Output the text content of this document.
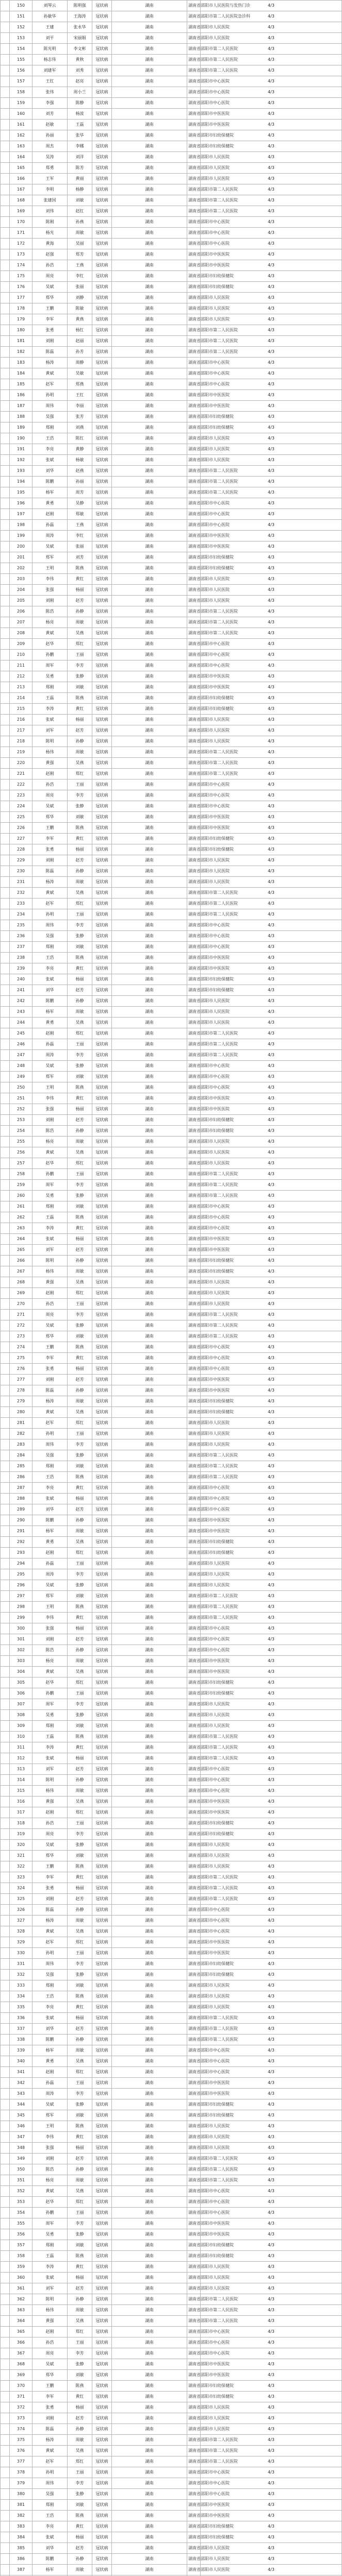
	150	刘琴云	陈明强	冠状病	湖南	湖南省邵阳市人民医院与发热门诊	4/3
	151	孙敏华	王海涛	冠状病	湖南	湖南省邵阳市第二人民医院急诊科	4/3
	152	王建	张永华	冠状病	湖南	湖南省邵阳市人民医院	4/3
	153	刘平	宋丽娟	冠状病	湖南	湖南省邵阳市人民医院	4/3
	154	陈光明	李文彬	冠状病	湖南	湖南省邵阳市第二人民医院	4/3
	155	杨志伟	黄秋	冠状病	湖南	湖南省邵阳市第二人民医院	4/3
	156	刘建军	刘秀	冠状病	湖南	湖南省邵阳市第二人民医院	4/3
	157	王红	赵亮	冠状病	湖南	湖南省邵阳市中心医院	4/3
	158	张伟	周小兰	冠状病	湖南	湖南省邵阳市中心医院	4/3
	159	李强	陈静	冠状病	湖南	湖南省邵阳市中心医院	4/3
	160	刘芳	杨波	冠状病	湖南	湖南省邵阳市中医医院	4/3
	161	赵敏	王磊	冠状病	湖南	湖南省邵阳市中医医院	4/3
	162	孙丽	张华	冠状病	湖南	湖南省邵阳市妇幼保健院	4/3
	163	周杰	李娜	冠状病	湖南	湖南省邵阳市妇幼保健院	4/3
	164	吴涛	刘洋	冠状病	湖南	湖南省邵阳市人民医院	4/3
	165	郑勇	陈芳	冠状病	湖南	湖南省邵阳市人民医院	4/3
	166	王军	黄丽	冠状病	湖南	湖南省邵阳市人民医院	4/3
	167	李明	杨静	冠状病	湖南	湖南省邵阳市第二人民医院	4/3
	168	张建国	刘敏	冠状病	湖南	湖南省邵阳市第二人民医院	4/3
	169	刘伟	赵红	冠状病	湖南	湖南省邵阳市第二人民医院	4/3
	170	陈刚	孙燕	冠状病	湖南	湖南省邵阳市中心医院	4/3
	171	杨光	周敏	冠状病	湖南	湖南省邵阳市中心医院	4/3
	172	黄海	吴丽	冠状病	湖南	湖南省邵阳市中心医院	4/3
	173	赵强	郑芳	冠状病	湖南	湖南省邵阳市中医医院	4/3
	174	孙浩	王燕	冠状病	湖南	湖南省邵阳市中医医院	4/3
	175	周亮	李红	冠状病	湖南	湖南省邵阳市妇幼保健院	4/3
	176	吴斌	张丽	冠状病	湖南	湖南省邵阳市妇幼保健院	4/3
	177	郑华	刘静	冠状病	湖南	湖南省邵阳市人民医院	4/3
	178	王鹏	陈敏	冠状病	湖南	湖南省邵阳市人民医院	4/3
	179	李军	黄燕	冠状病	湖南	湖南省邵阳市人民医院	4/3
	180	张勇	杨红	冠状病	湖南	湖南省邵阳市第二人民医院	4/3
	181	刘刚	赵丽	冠状病	湖南	湖南省邵阳市第二人民医院	4/3
	182	陈磊	孙芳	冠状病	湖南	湖南省邵阳市第二人民医院	4/3
	183	杨涛	周静	冠状病	湖南	湖南省邵阳市中心医院	4/3
	184	黄斌	吴敏	冠状病	湖南	湖南省邵阳市中心医院	4/3
	185	赵军	郑燕	冠状病	湖南	湖南省邵阳市中心医院	4/3
	186	孙明	王红	冠状病	湖南	湖南省邵阳市中医医院	4/3
	187	周伟	李丽	冠状病	湖南	湖南省邵阳市中医医院	4/3
	188	吴强	张芳	冠状病	湖南	湖南省邵阳市妇幼保健院	4/3
	189	郑刚	刘燕	冠状病	湖南	湖南省邵阳市妇幼保健院	4/3
	190	王浩	陈红	冠状病	湖南	湖南省邵阳市人民医院	4/3
	191	李亮	黄静	冠状病	湖南	湖南省邵阳市人民医院	4/3
	192	张斌	杨敏	冠状病	湖南	湖南省邵阳市人民医院	4/3
	193	刘华	赵燕	冠状病	湖南	湖南省邵阳市第二人民医院	4/3
	194	陈鹏	孙丽	冠状病	湖南	湖南省邵阳市第二人民医院	4/3
	195	杨军	周芳	冠状病	湖南	湖南省邵阳市第二人民医院	4/3
	196	黄勇	吴静	冠状病	湖南	湖南省邵阳市中心医院	4/3
	197	赵刚	郑敏	冠状病	湖南	湖南省邵阳市中心医院	4/3
	198	孙磊	王燕	冠状病	湖南	湖南省邵阳市中心医院	4/3
	199	周涛	李红	冠状病	湖南	湖南省邵阳市中医医院	4/3
	200	吴斌	张丽	冠状病	湖南	湖南省邵阳市中医医院	4/3
	201	郑军	刘芳	冠状病	湖南	湖南省邵阳市妇幼保健院	4/3
	202	王明	陈燕	冠状病	湖南	湖南省邵阳市妇幼保健院	4/3
	203	李伟	黄红	冠状病	湖南	湖南省邵阳市人民医院	4/3
	204	张强	杨丽	冠状病	湖南	湖南省邵阳市人民医院	4/3
	205	刘刚	赵芳	冠状病	湖南	湖南省邵阳市人民医院	4/3
	206	陈浩	孙静	冠状病	湖南	湖南省邵阳市第二人民医院	4/3
	207	杨亮	周敏	冠状病	湖南	湖南省邵阳市第二人民医院	4/3
	208	黄斌	吴燕	冠状病	湖南	湖南省邵阳市第二人民医院	4/3
	209	赵华	郑红	冠状病	湖南	湖南省邵阳市中心医院	4/3
	210	孙鹏	王丽	冠状病	湖南	湖南省邵阳市中心医院	4/3
	211	周军	李芳	冠状病	湖南	湖南省邵阳市中心医院	4/3
	212	吴勇	张静	冠状病	湖南	湖南省邵阳市中医医院	4/3
	213	郑刚	刘敏	冠状病	湖南	湖南省邵阳市中医医院	4/3
	214	王磊	陈燕	冠状病	湖南	湖南省邵阳市妇幼保健院	4/3
	215	李涛	黄红	冠状病	湖南	湖南省邵阳市妇幼保健院	4/3
	216	张斌	杨丽	冠状病	湖南	湖南省邵阳市人民医院	4/3
	217	刘军	赵芳	冠状病	湖南	湖南省邵阳市人民医院	4/3
	218	陈明	孙静	冠状病	湖南	湖南省邵阳市人民医院	4/3
	219	杨伟	周敏	冠状病	湖南	湖南省邵阳市第二人民医院	4/3
	220	黄强	吴燕	冠状病	湖南	湖南省邵阳市第二人民医院	4/3
	221	赵刚	郑红	冠状病	湖南	湖南省邵阳市第二人民医院	4/3
	222	孙浩	王丽	冠状病	湖南	湖南省邵阳市中心医院	4/3
	223	周亮	李芳	冠状病	湖南	湖南省邵阳市中心医院	4/3
	224	吴斌	张静	冠状病	湖南	湖南省邵阳市中心医院	4/3
	225	郑华	刘敏	冠状病	湖南	湖南省邵阳市中医医院	4/3
	226	王鹏	陈燕	冠状病	湖南	湖南省邵阳市中医医院	4/3
	227	李军	黄红	冠状病	湖南	湖南省邵阳市妇幼保健院	4/3
	228	张勇	杨丽	冠状病	湖南	湖南省邵阳市妇幼保健院	4/3
	229	刘刚	赵芳	冠状病	湖南	湖南省邵阳市人民医院	4/3
	230	陈磊	孙静	冠状病	湖南	湖南省邵阳市人民医院	4/3
	231	杨涛	周敏	冠状病	湖南	湖南省邵阳市人民医院	4/3
	232	黄斌	吴燕	冠状病	湖南	湖南省邵阳市第二人民医院	4/3
	233	赵军	郑红	冠状病	湖南	湖南省邵阳市第二人民医院	4/3
	234	孙明	王丽	冠状病	湖南	湖南省邵阳市第二人民医院	4/3
	235	周伟	李芳	冠状病	湖南	湖南省邵阳市中心医院	4/3
	236	吴强	张静	冠状病	湖南	湖南省邵阳市中心医院	4/3
	237	郑刚	刘敏	冠状病	湖南	湖南省邵阳市中心医院	4/3
	238	王浩	陈燕	冠状病	湖南	湖南省邵阳市中医医院	4/3
	239	李亮	黄红	冠状病	湖南	湖南省邵阳市中医医院	4/3
	240	张斌	杨丽	冠状病	湖南	湖南省邵阳市妇幼保健院	4/3
	241	刘华	赵芳	冠状病	湖南	湖南省邵阳市妇幼保健院	4/3
	242	陈鹏	孙静	冠状病	湖南	湖南省邵阳市人民医院	4/3
	243	杨军	周敏	冠状病	湖南	湖南省邵阳市人民医院	4/3
	244	黄勇	吴燕	冠状病	湖南	湖南省邵阳市人民医院	4/3
	245	赵刚	郑红	冠状病	湖南	湖南省邵阳市第二人民医院	4/3
	246	孙磊	王丽	冠状病	湖南	湖南省邵阳市第二人民医院	4/3
	247	周涛	李芳	冠状病	湖南	湖南省邵阳市第二人民医院	4/3
	248	吴斌	张静	冠状病	湖南	湖南省邵阳市中心医院	4/3
	249	郑军	刘敏	冠状病	湖南	湖南省邵阳市中心医院	4/3
	250	王明	陈燕	冠状病	湖南	湖南省邵阳市中心医院	4/3
	251	李伟	黄红	冠状病	湖南	湖南省邵阳市中医医院	4/3
	252	张强	杨丽	冠状病	湖南	湖南省邵阳市中医医院	4/3
	253	刘刚	赵芳	冠状病	湖南	湖南省邵阳市妇幼保健院	4/3
	254	陈浩	孙静	冠状病	湖南	湖南省邵阳市妇幼保健院	4/3
	255	杨亮	周敏	冠状病	湖南	湖南省邵阳市人民医院	4/3
	256	黄斌	吴燕	冠状病	湖南	湖南省邵阳市人民医院	4/3
	257	赵华	郑红	冠状病	湖南	湖南省邵阳市人民医院	4/3
	258	孙鹏	王丽	冠状病	湖南	湖南省邵阳市第二人民医院	4/3
	259	周军	李芳	冠状病	湖南	湖南省邵阳市第二人民医院	4/3
	260	吴勇	张静	冠状病	湖南	湖南省邵阳市第二人民医院	4/3
	261	郑刚	刘敏	冠状病	湖南	湖南省邵阳市中心医院	4/3
	262	王磊	陈燕	冠状病	湖南	湖南省邵阳市中心医院	4/3
	263	李涛	黄红	冠状病	湖南	湖南省邵阳市中心医院	4/3
	264	张斌	杨丽	冠状病	湖南	湖南省邵阳市中医医院	4/3
	265	刘军	赵芳	冠状病	湖南	湖南省邵阳市中医医院	4/3
	266	陈明	孙静	冠状病	湖南	湖南省邵阳市妇幼保健院	4/3
	267	杨伟	周敏	冠状病	湖南	湖南省邵阳市妇幼保健院	4/3
	268	黄强	吴燕	冠状病	湖南	湖南省邵阳市人民医院	4/3
	269	赵刚	郑红	冠状病	湖南	湖南省邵阳市人民医院	4/3
	270	孙浩	王丽	冠状病	湖南	湖南省邵阳市人民医院	4/3
	271	周亮	李芳	冠状病	湖南	湖南省邵阳市第二人民医院	4/3
	272	吴斌	张静	冠状病	湖南	湖南省邵阳市第二人民医院	4/3
	273	郑华	刘敏	冠状病	湖南	湖南省邵阳市第二人民医院	4/3
	274	王鹏	陈燕	冠状病	湖南	湖南省邵阳市中心医院	4/3
	275	李军	黄红	冠状病	湖南	湖南省邵阳市中心医院	4/3
	276	张勇	杨丽	冠状病	湖南	湖南省邵阳市中心医院	4/3
	277	刘刚	赵芳	冠状病	湖南	湖南省邵阳市中医医院	4/3
	278	陈磊	孙静	冠状病	湖南	湖南省邵阳市中医医院	4/3
	279	杨涛	周敏	冠状病	湖南	湖南省邵阳市妇幼保健院	4/3
	280	黄斌	吴燕	冠状病	湖南	湖南省邵阳市妇幼保健院	4/3
	281	赵军	郑红	冠状病	湖南	湖南省邵阳市人民医院	4/3
	282	孙明	王丽	冠状病	湖南	湖南省邵阳市人民医院	4/3
	283	周伟	李芳	冠状病	湖南	湖南省邵阳市人民医院	4/3
	284	吴强	张静	冠状病	湖南	湖南省邵阳市第二人民医院	4/3
	285	郑刚	刘敏	冠状病	湖南	湖南省邵阳市第二人民医院	4/3
	286	王浩	陈燕	冠状病	湖南	湖南省邵阳市第二人民医院	4/3
	287	李亮	黄红	冠状病	湖南	湖南省邵阳市中心医院	4/3
	288	张斌	杨丽	冠状病	湖南	湖南省邵阳市中心医院	4/3
	289	刘华	赵芳	冠状病	湖南	湖南省邵阳市中心医院	4/3
	290	陈鹏	孙静	冠状病	湖南	湖南省邵阳市中医医院	4/3
	291	杨军	周敏	冠状病	湖南	湖南省邵阳市中医医院	4/3
	292	黄勇	吴燕	冠状病	湖南	湖南省邵阳市妇幼保健院	4/3
	293	赵刚	郑红	冠状病	湖南	湖南省邵阳市妇幼保健院	4/3
	294	孙磊	王丽	冠状病	湖南	湖南省邵阳市人民医院	4/3
	295	周涛	李芳	冠状病	湖南	湖南省邵阳市人民医院	4/3
	296	吴斌	张静	冠状病	湖南	湖南省邵阳市人民医院	4/3
	297	郑军	刘敏	冠状病	湖南	湖南省邵阳市第二人民医院	4/3
	298	王明	陈燕	冠状病	湖南	湖南省邵阳市第二人民医院	4/3
	299	李伟	黄红	冠状病	湖南	湖南省邵阳市第二人民医院	4/3
	300	张强	杨丽	冠状病	湖南	湖南省邵阳市中心医院	4/3
	301	刘刚	赵芳	冠状病	湖南	湖南省邵阳市中心医院	4/3
	302	陈浩	孙静	冠状病	湖南	湖南省邵阳市中心医院	4/3
	303	杨亮	周敏	冠状病	湖南	湖南省邵阳市中医医院	4/3
	304	黄斌	吴燕	冠状病	湖南	湖南省邵阳市中医医院	4/3
	305	赵华	郑红	冠状病	湖南	湖南省邵阳市妇幼保健院	4/3
	306	孙鹏	王丽	冠状病	湖南	湖南省邵阳市妇幼保健院	4/3
	307	周军	李芳	冠状病	湖南	湖南省邵阳市人民医院	4/3
	308	吴勇	张静	冠状病	湖南	湖南省邵阳市人民医院	4/3
	309	郑刚	刘敏	冠状病	湖南	湖南省邵阳市人民医院	4/3
	310	王磊	陈燕	冠状病	湖南	湖南省邵阳市第二人民医院	4/3
	311	李涛	黄红	冠状病	湖南	湖南省邵阳市第二人民医院	4/3
	312	张斌	杨丽	冠状病	湖南	湖南省邵阳市第二人民医院	4/3
	313	刘军	赵芳	冠状病	湖南	湖南省邵阳市中心医院	4/3
	314	陈明	孙静	冠状病	湖南	湖南省邵阳市中心医院	4/3
	315	杨伟	周敏	冠状病	湖南	湖南省邵阳市中心医院	4/3
	316	黄强	吴燕	冠状病	湖南	湖南省邵阳市中医医院	4/3
	317	赵刚	郑红	冠状病	湖南	湖南省邵阳市中医医院	4/3
	318	孙浩	王丽	冠状病	湖南	湖南省邵阳市妇幼保健院	4/3
	319	周亮	李芳	冠状病	湖南	湖南省邵阳市妇幼保健院	4/3
	320	吴斌	张静	冠状病	湖南	湖南省邵阳市人民医院	4/3
	321	郑华	刘敏	冠状病	湖南	湖南省邵阳市人民医院	4/3
	322	王鹏	陈燕	冠状病	湖南	湖南省邵阳市人民医院	4/3
	323	李军	黄红	冠状病	湖南	湖南省邵阳市第二人民医院	4/3
	324	张勇	杨丽	冠状病	湖南	湖南省邵阳市第二人民医院	4/3
	325	刘刚	赵芳	冠状病	湖南	湖南省邵阳市第二人民医院	4/3
	326	陈磊	孙静	冠状病	湖南	湖南省邵阳市中心医院	4/3
	327	杨涛	周敏	冠状病	湖南	湖南省邵阳市中心医院	4/3
	328	黄斌	吴燕	冠状病	湖南	湖南省邵阳市中心医院	4/3
	329	赵军	郑红	冠状病	湖南	湖南省邵阳市中医医院	4/3
	330	孙明	王丽	冠状病	湖南	湖南省邵阳市中医医院	4/3
	331	周伟	李芳	冠状病	湖南	湖南省邵阳市妇幼保健院	4/3
	332	吴强	张静	冠状病	湖南	湖南省邵阳市妇幼保健院	4/3
	333	郑刚	刘敏	冠状病	湖南	湖南省邵阳市人民医院	4/3
	334	王浩	陈燕	冠状病	湖南	湖南省邵阳市人民医院	4/3
	335	李亮	黄红	冠状病	湖南	湖南省邵阳市人民医院	4/3
	336	张斌	杨丽	冠状病	湖南	湖南省邵阳市第二人民医院	4/3
	337	刘华	赵芳	冠状病	湖南	湖南省邵阳市第二人民医院	4/3
	338	陈鹏	孙静	冠状病	湖南	湖南省邵阳市第二人民医院	4/3
	339	杨军	周敏	冠状病	湖南	湖南省邵阳市中心医院	4/3
	340	黄勇	吴燕	冠状病	湖南	湖南省邵阳市中心医院	4/3
	341	赵刚	郑红	冠状病	湖南	湖南省邵阳市中心医院	4/3
	342	孙磊	王丽	冠状病	湖南	湖南省邵阳市中医医院	4/3
	343	周涛	李芳	冠状病	湖南	湖南省邵阳市中医医院	4/3
	344	吴斌	张静	冠状病	湖南	湖南省邵阳市妇幼保健院	4/3
	345	郑军	刘敏	冠状病	湖南	湖南省邵阳市妇幼保健院	4/3
	346	王明	陈燕	冠状病	湖南	湖南省邵阳市人民医院	4/3
	347	李伟	黄红	冠状病	湖南	湖南省邵阳市人民医院	4/3
	348	张强	杨丽	冠状病	湖南	湖南省邵阳市人民医院	4/3
	349	刘刚	赵芳	冠状病	湖南	湖南省邵阳市第二人民医院	4/3
	350	陈浩	孙静	冠状病	湖南	湖南省邵阳市第二人民医院	4/3
	351	杨亮	周敏	冠状病	湖南	湖南省邵阳市第二人民医院	4/3
	352	黄斌	吴燕	冠状病	湖南	湖南省邵阳市中心医院	4/3
	353	赵华	郑红	冠状病	湖南	湖南省邵阳市中心医院	4/3
	354	孙鹏	王丽	冠状病	湖南	湖南省邵阳市中心医院	4/3
	355	周军	李芳	冠状病	湖南	湖南省邵阳市中医医院	4/3
	356	吴勇	张静	冠状病	湖南	湖南省邵阳市中医医院	4/3
	357	郑刚	刘敏	冠状病	湖南	湖南省邵阳市妇幼保健院	4/3
	358	王磊	陈燕	冠状病	湖南	湖南省邵阳市妇幼保健院	4/3
	359	李涛	黄红	冠状病	湖南	湖南省邵阳市人民医院	4/3
	360	张斌	杨丽	冠状病	湖南	湖南省邵阳市人民医院	4/3
	361	刘军	赵芳	冠状病	湖南	湖南省邵阳市人民医院	4/3
	362	陈明	孙静	冠状病	湖南	湖南省邵阳市第二人民医院	4/3
	363	杨伟	周敏	冠状病	湖南	湖南省邵阳市第二人民医院	4/3
	364	黄强	吴燕	冠状病	湖南	湖南省邵阳市第二人民医院	4/3
	365	赵刚	郑红	冠状病	湖南	湖南省邵阳市中心医院	4/3
	366	孙浩	王丽	冠状病	湖南	湖南省邵阳市中心医院	4/3
	367	周亮	李芳	冠状病	湖南	湖南省邵阳市中心医院	4/3
	368	吴斌	张静	冠状病	湖南	湖南省邵阳市中医医院	4/3
	369	郑华	刘敏	冠状病	湖南	湖南省邵阳市中医医院	4/3
	370	王鹏	陈燕	冠状病	湖南	湖南省邵阳市妇幼保健院	4/3
	371	李军	黄红	冠状病	湖南	湖南省邵阳市妇幼保健院	4/3
	372	张勇	杨丽	冠状病	湖南	湖南省邵阳市人民医院	4/3
	373	刘刚	赵芳	冠状病	湖南	湖南省邵阳市人民医院	4/3
	374	陈磊	孙静	冠状病	湖南	湖南省邵阳市人民医院	4/3
	375	杨涛	周敏	冠状病	湖南	湖南省邵阳市第二人民医院	4/3
	376	黄斌	吴燕	冠状病	湖南	湖南省邵阳市第二人民医院	4/3
	377	赵军	郑红	冠状病	湖南	湖南省邵阳市第二人民医院	4/3
	378	孙明	王丽	冠状病	湖南	湖南省邵阳市中心医院	4/3
	379	周伟	李芳	冠状病	湖南	湖南省邵阳市中心医院	4/3
	380	吴强	张静	冠状病	湖南	湖南省邵阳市中心医院	4/3
	381	郑刚	刘敏	冠状病	湖南	湖南省邵阳市中医医院	4/3
	382	王浩	陈燕	冠状病	湖南	湖南省邵阳市中医医院	4/3
	383	李亮	黄红	冠状病	湖南	湖南省邵阳市妇幼保健院	4/3
	384	张斌	杨丽	冠状病	湖南	湖南省邵阳市妇幼保健院	4/3
	385	刘华	赵芳	冠状病	湖南	湖南省邵阳市人民医院	4/3
	386	陈鹏	孙静	冠状病	湖南	湖南省邵阳市人民医院	4/3
	387	杨军	周敏	冠状病	湖南	湖南省邵阳市人民医院	4/3
